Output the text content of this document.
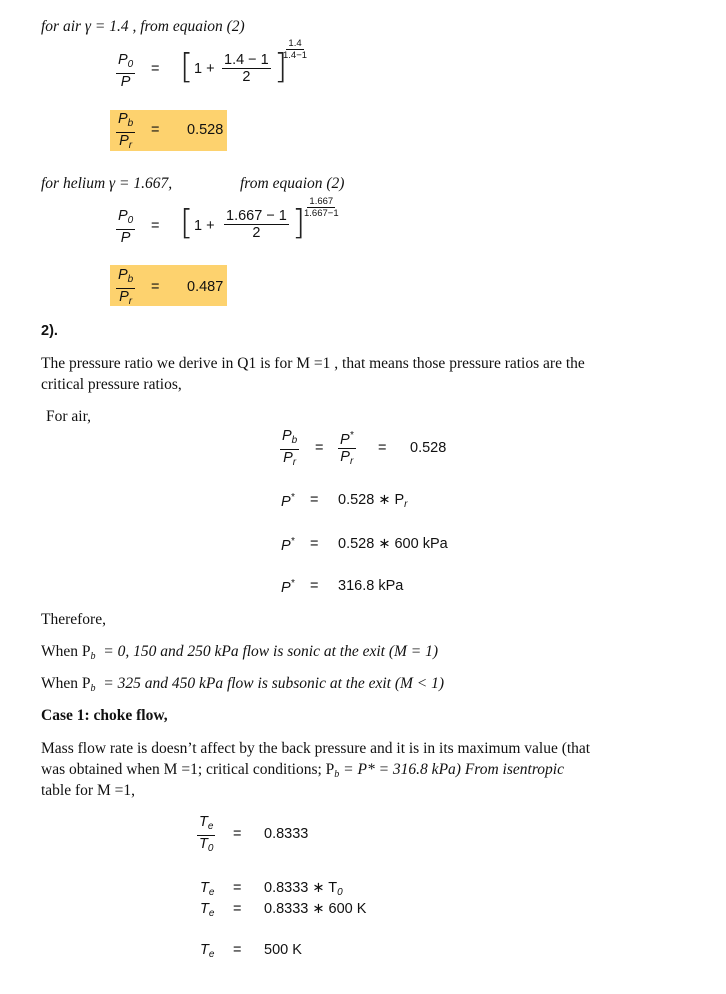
for air γ = 1.4 , from equaion (2)
$\frac{P_0}{P}$ = [ $1 + \frac{1.4 - 1}{2}$ ]
$\frac{1.4}{1.4-1}$
$\frac{P_b}{P_r} = 0.528$
for helium γ = 1.667,	from equaion (2)
$\frac{P_0}{P}$ = [ $1 + \frac{1.667 - 1}{2}$ ]
$\frac{1.667}{1.667-1}$
$\frac{P_b}{P_r} = 0.487$
2).
The pressure ratio we derive in Q1 is for M =1 , that means those pressure ratios are the
critical pressure ratios,
For air,
$\frac{P_b}{P_r} = \frac{P^*}{P_r} = 0.528$
P* = 0.528 ∗ $P_r$
P* = 0.528 ∗ 600 kPa
P* = 316.8 kPa
Therefore,
When $P_b = 0$, 150 and 250 kPa flow is sonic at the exit (M = 1)
When $P_b = 325$ and 450 kPa flow is subsonic at the exit (M < 1)
Case 1: choke flow,
Mass flow rate is doesn’t affect by the back pressure and it is in its maximum value (that
was obtained when M =1; critical conditions; $P_b = P* = 316.8$ kPa) From isentropic
table for M =1,
$\frac{T_e}{T_0} = 0.8333$
$T_e = 0.8333$ ∗ $T_0$
$T_e = 0.8333$ ∗ 600 K
$T_e = 500$ K
